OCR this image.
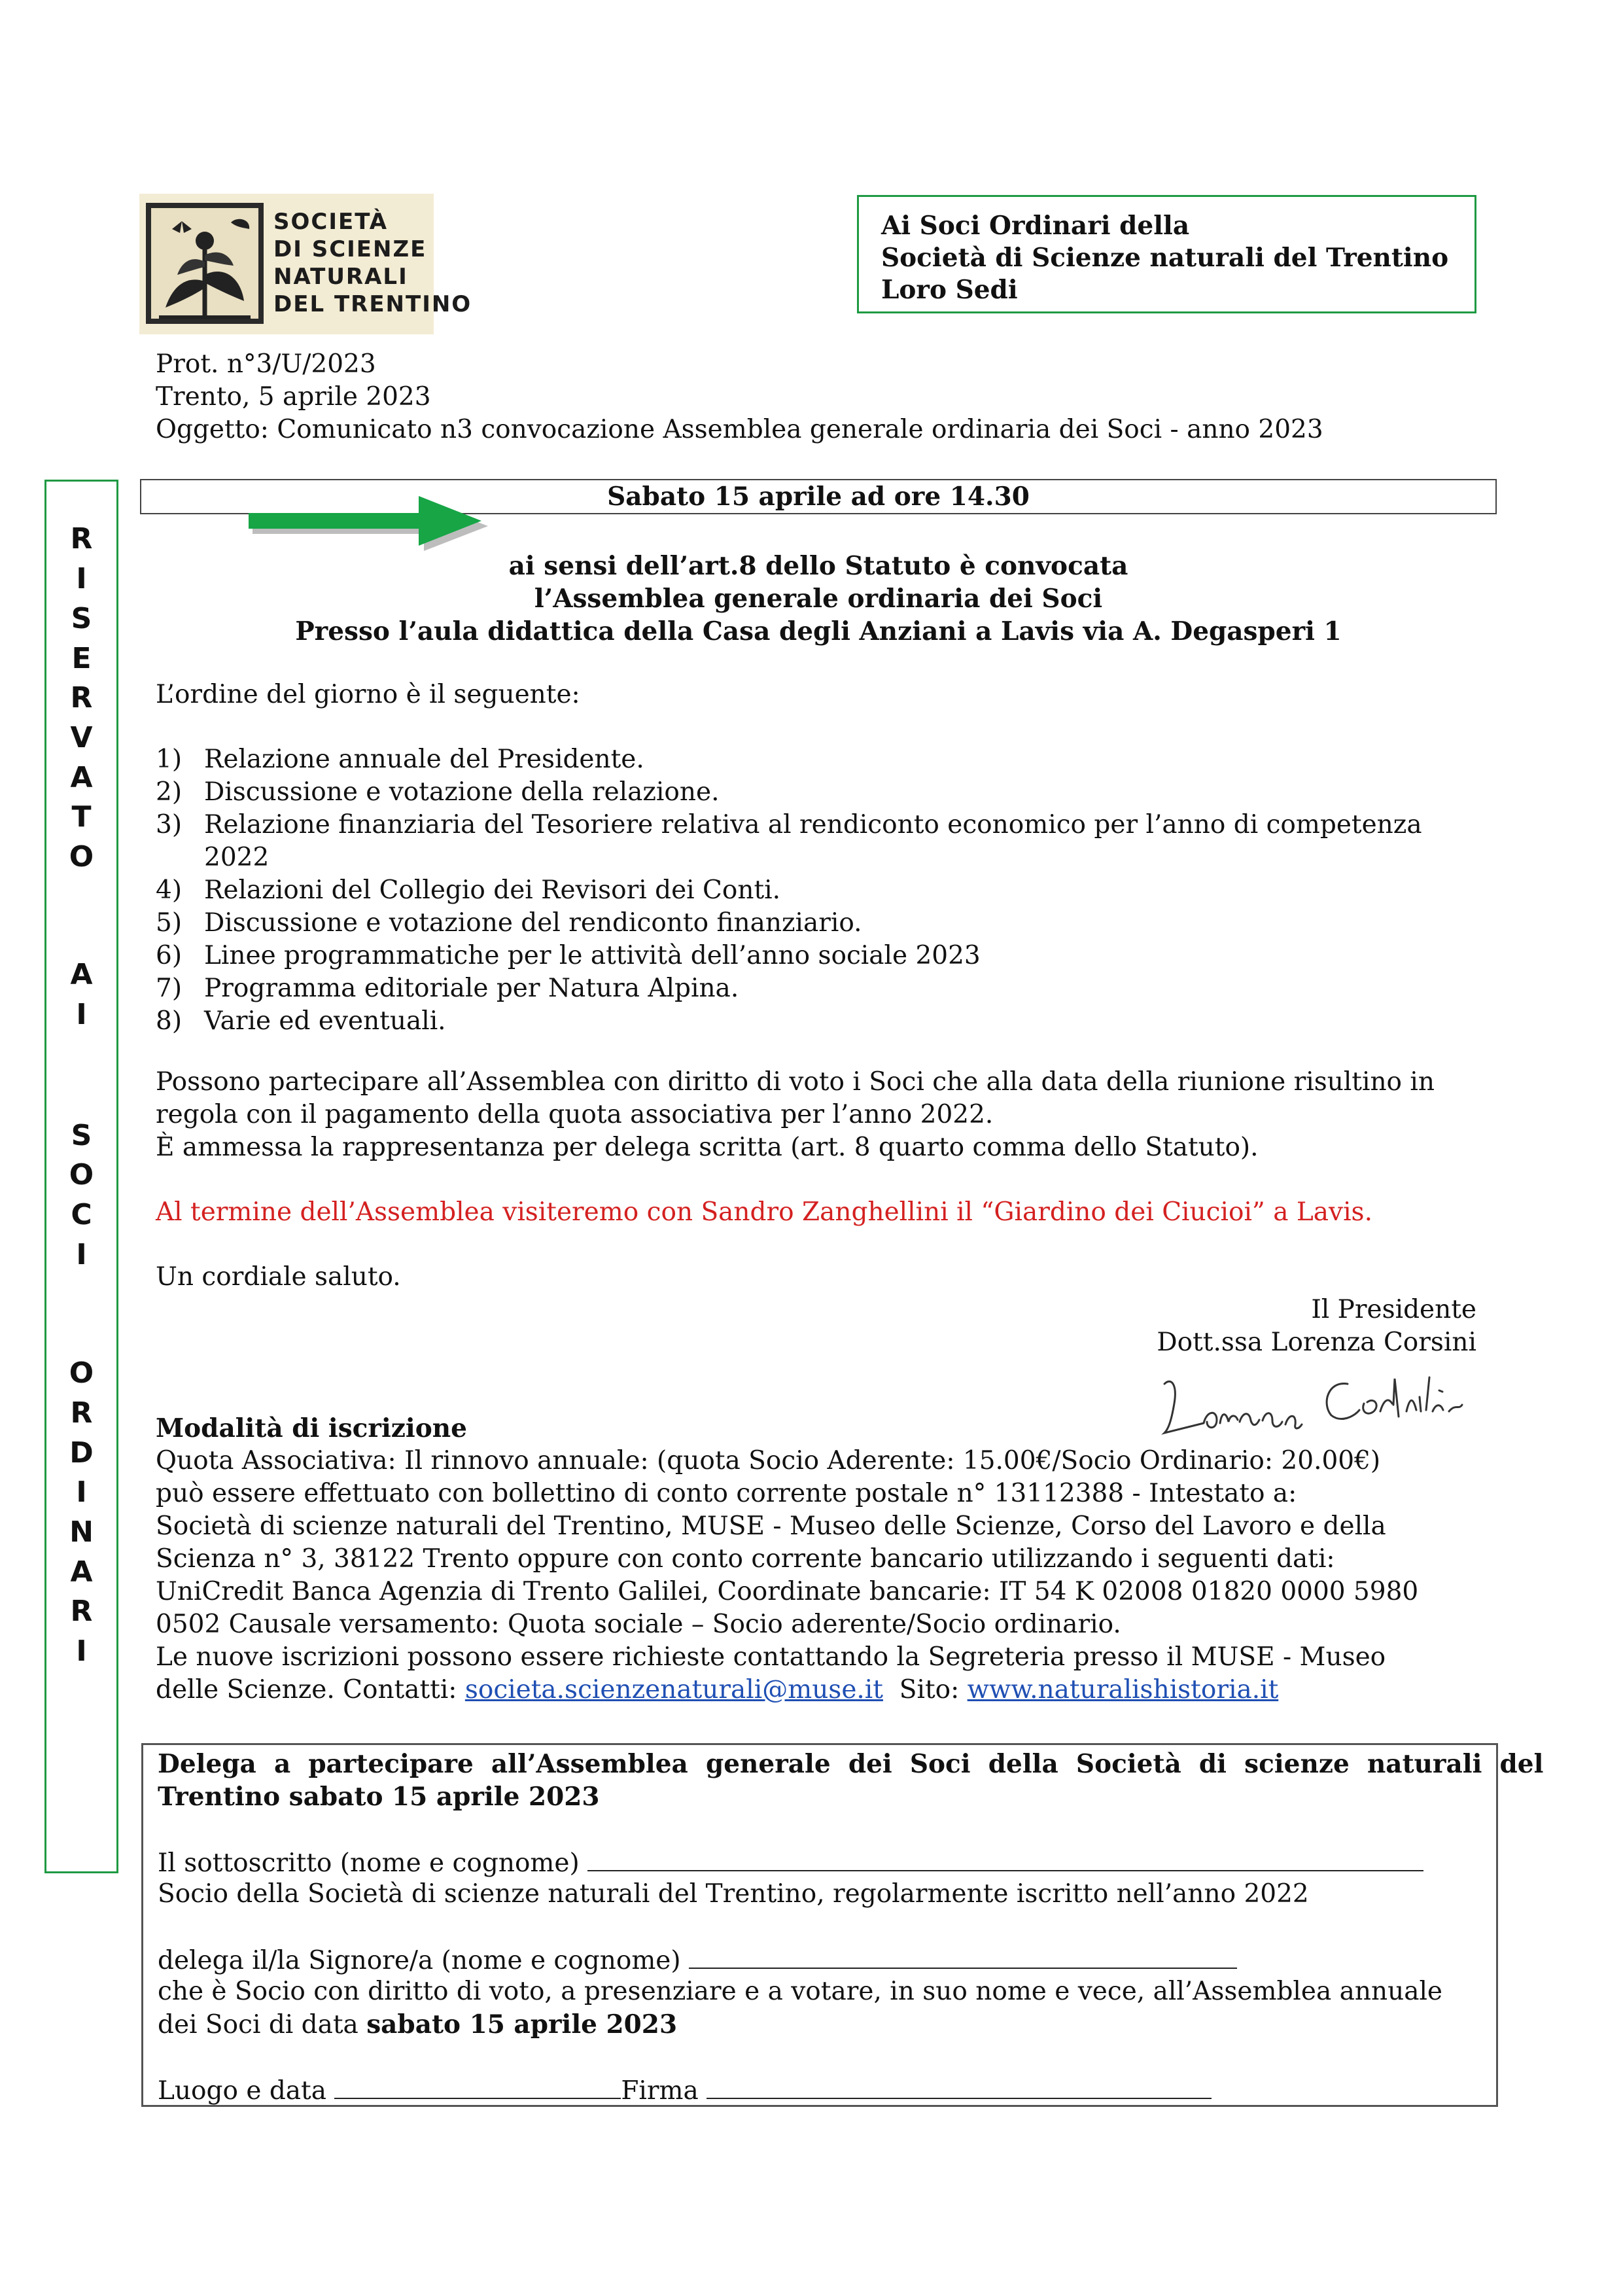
SOCIETÀ
DI SCIENZE
NATURALI
DEL TRENTINO
Ai Soci Ordinari della
Società di Scienze naturali del Trentino
Loro Sedi
Prot. n°3/U/2023
Trento, 5 aprile 2023
Oggetto: Comunicato n3 convocazione Assemblea generale ordinaria dei Soci - anno 2023
R
I
S
E
R
V
A
T
O
A
I
S
O
C
I
O
R
D
I
N
A
R
I
Sabato 15 aprile ad ore 14.30
ai sensi dell’art.8 dello Statuto è convocata
l’Assemblea generale ordinaria dei Soci
Presso l’aula didattica della Casa degli Anziani a Lavis via A. Degasperi 1
L’ordine del giorno è il seguente:
1) Relazione annuale del Presidente.
2) Discussione e votazione della relazione.
3) Relazione finanziaria del Tesoriere relativa al rendiconto economico per l’anno di competenza
2022
4) Relazioni del Collegio dei Revisori dei Conti.
5) Discussione e votazione del rendiconto finanziario.
6) Linee programmatiche per le attività dell’anno sociale 2023
7) Programma editoriale per Natura Alpina.
8) Varie ed eventuali.
Possono partecipare all’Assemblea con diritto di voto i Soci che alla data della riunione risultino in
regola con il pagamento della quota associativa per l’anno 2022.
È ammessa la rappresentanza per delega scritta (art. 8 quarto comma dello Statuto).
Al termine dell’Assemblea visiteremo con Sandro Zanghellini il “Giardino dei Ciucioi” a Lavis.
Un cordiale saluto.
Il Presidente
Dott.ssa Lorenza Corsini
Modalità di iscrizione
Quota Associativa: Il rinnovo annuale: (quota Socio Aderente: 15.00€/Socio Ordinario: 20.00€)
può essere effettuato con bollettino di conto corrente postale n° 13112388 - Intestato a:
Società di scienze naturali del Trentino, MUSE - Museo delle Scienze, Corso del Lavoro e della
Scienza n° 3, 38122 Trento oppure con conto corrente bancario utilizzando i seguenti dati:
UniCredit Banca Agenzia di Trento Galilei, Coordinate bancarie: IT 54 K 02008 01820 0000 5980
0502 Causale versamento: Quota sociale – Socio aderente/Socio ordinario.
Le nuove iscrizioni possono essere richieste contattando la Segreteria presso il MUSE - Museo
delle Scienze. Contatti: societa.scienzenaturali@muse.it  Sito: www.naturalishistoria.it
Delega  a  partecipare  all’Assemblea  generale  dei  Soci  della  Società  di  scienze  naturali  del
Trentino sabato 15 aprile 2023
Il sottoscritto (nome e cognome)
Socio della Società di scienze naturali del Trentino, regolarmente iscritto nell’anno 2022
delega il/la Signore/a (nome e cognome)
che è Socio con diritto di voto, a presenziare e a votare, in suo nome e vece, all’Assemblea annuale
dei Soci di data sabato 15 aprile 2023
Luogo e data	Firma
